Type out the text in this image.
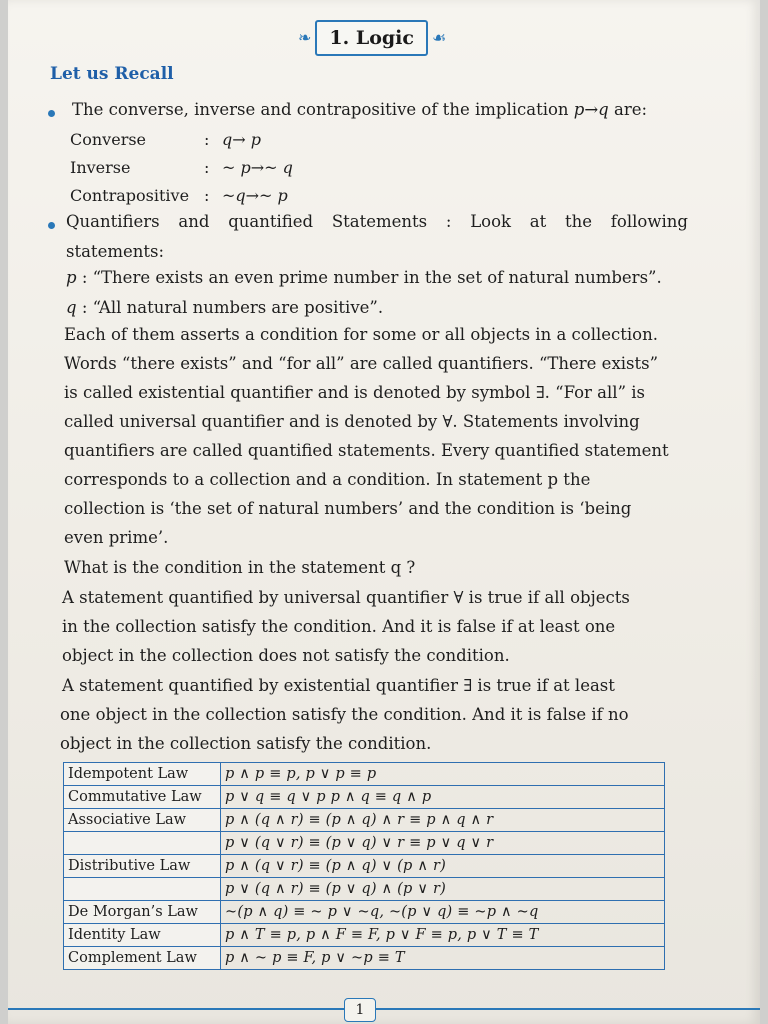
❧ 1. Logic	☙
Let us Recall
The converse, inverse and contrapositive of the implication p→q are:
Converse	: q→ p
Inverse	: ~ p→~ q
Contrapositive : ~q→~ p
Quantifiers and quantified Statements : Look at the following
statements:
p : “There exists an even prime number in the set of natural numbers”.
q : “All natural numbers are positive”.
Each of them asserts a condition for some or all objects in a collection.
Words “there exists” and “for all” are called quantifiers. “There exists”
is called existential quantifier and is denoted by symbol ∃. “For all” is
called universal quantifier and is denoted by ∀. Statements involving
quantifiers are called quantified statements. Every quantified statement
corresponds to a collection and a condition. In statement p the
collection is ‘the set of natural numbers’ and the condition is ‘being
even prime’.
What is the condition in the statement q ?
A statement quantified by universal quantifier ∀ is true if all objects
in the collection satisfy the condition. And it is false if at least one
object in the collection does not satisfy the condition.
A statement quantified by existential quantifier ∃ is true if at least
one object in the collection satisfy the condition. And it is false if no
object in the collection satisfy the condition.
Idempotent Law	p ∧ p ≡ p, p ∨ p ≡ p
Commutative Law	p ∨ q ≡ q ∨ p p ∧ q ≡ q ∧ p
Associative Law	p ∧ (q ∧ r) ≡ (p ∧ q) ∧ r ≡ p ∧ q ∧ r
	p ∨ (q ∨ r) ≡ (p ∨ q) ∨ r ≡ p ∨ q ∨ r
Distributive Law	p ∧ (q ∨ r) ≡ (p ∧ q) ∨ (p ∧ r)
	p ∨ (q ∧ r) ≡ (p ∨ q) ∧ (p ∨ r)
De Morgan’s Law	~(p ∧ q) ≡ ~ p ∨ ~q, ~(p ∨ q) ≡ ~p ∧ ~q
Identity Law	p ∧ T ≡ p, p ∧ F ≡ F, p ∨ F ≡ p, p ∨ T ≡ T
Complement Law	p ∧ ~ p ≡ F, p ∨ ~p ≡ T
1
